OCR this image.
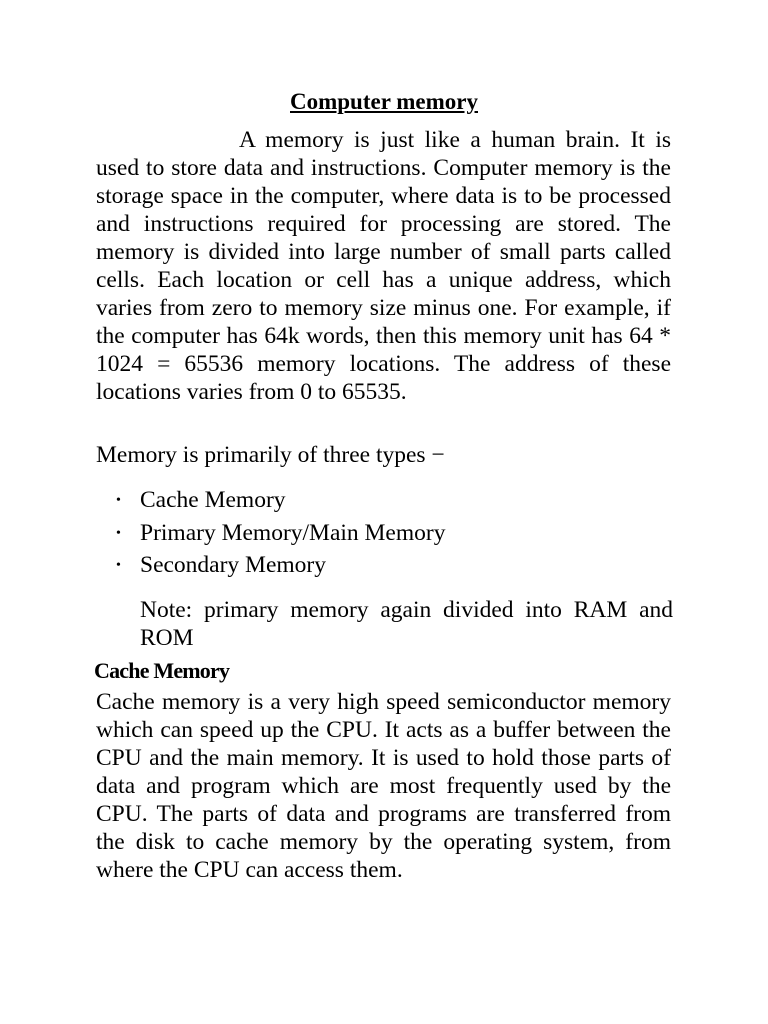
Computer memory
A memory is just like a human brain. It is used to store data and instructions. Computer memory is the storage space in the computer, where data is to be processed and instructions required for processing are stored. The memory is divided into large number of small parts called cells. Each location or cell has a unique address, which varies from zero to memory size minus one. For example, if the computer has 64k words, then this memory unit has 64 * 1024 = 65536 memory locations. The address of these locations varies from 0 to 65535.
Memory is primarily of three types −
• Cache Memory
• Primary Memory/Main Memory
• Secondary Memory
Note: primary memory again divided into RAM and ROM
Cache Memory
Cache memory is a very high speed semiconductor memory which can speed up the CPU. It acts as a buffer between the CPU and the main memory. It is used to hold those parts of data and program which are most frequently used by the CPU. The parts of data and programs are transferred from the disk to cache memory by the operating system, from where the CPU can access them.
